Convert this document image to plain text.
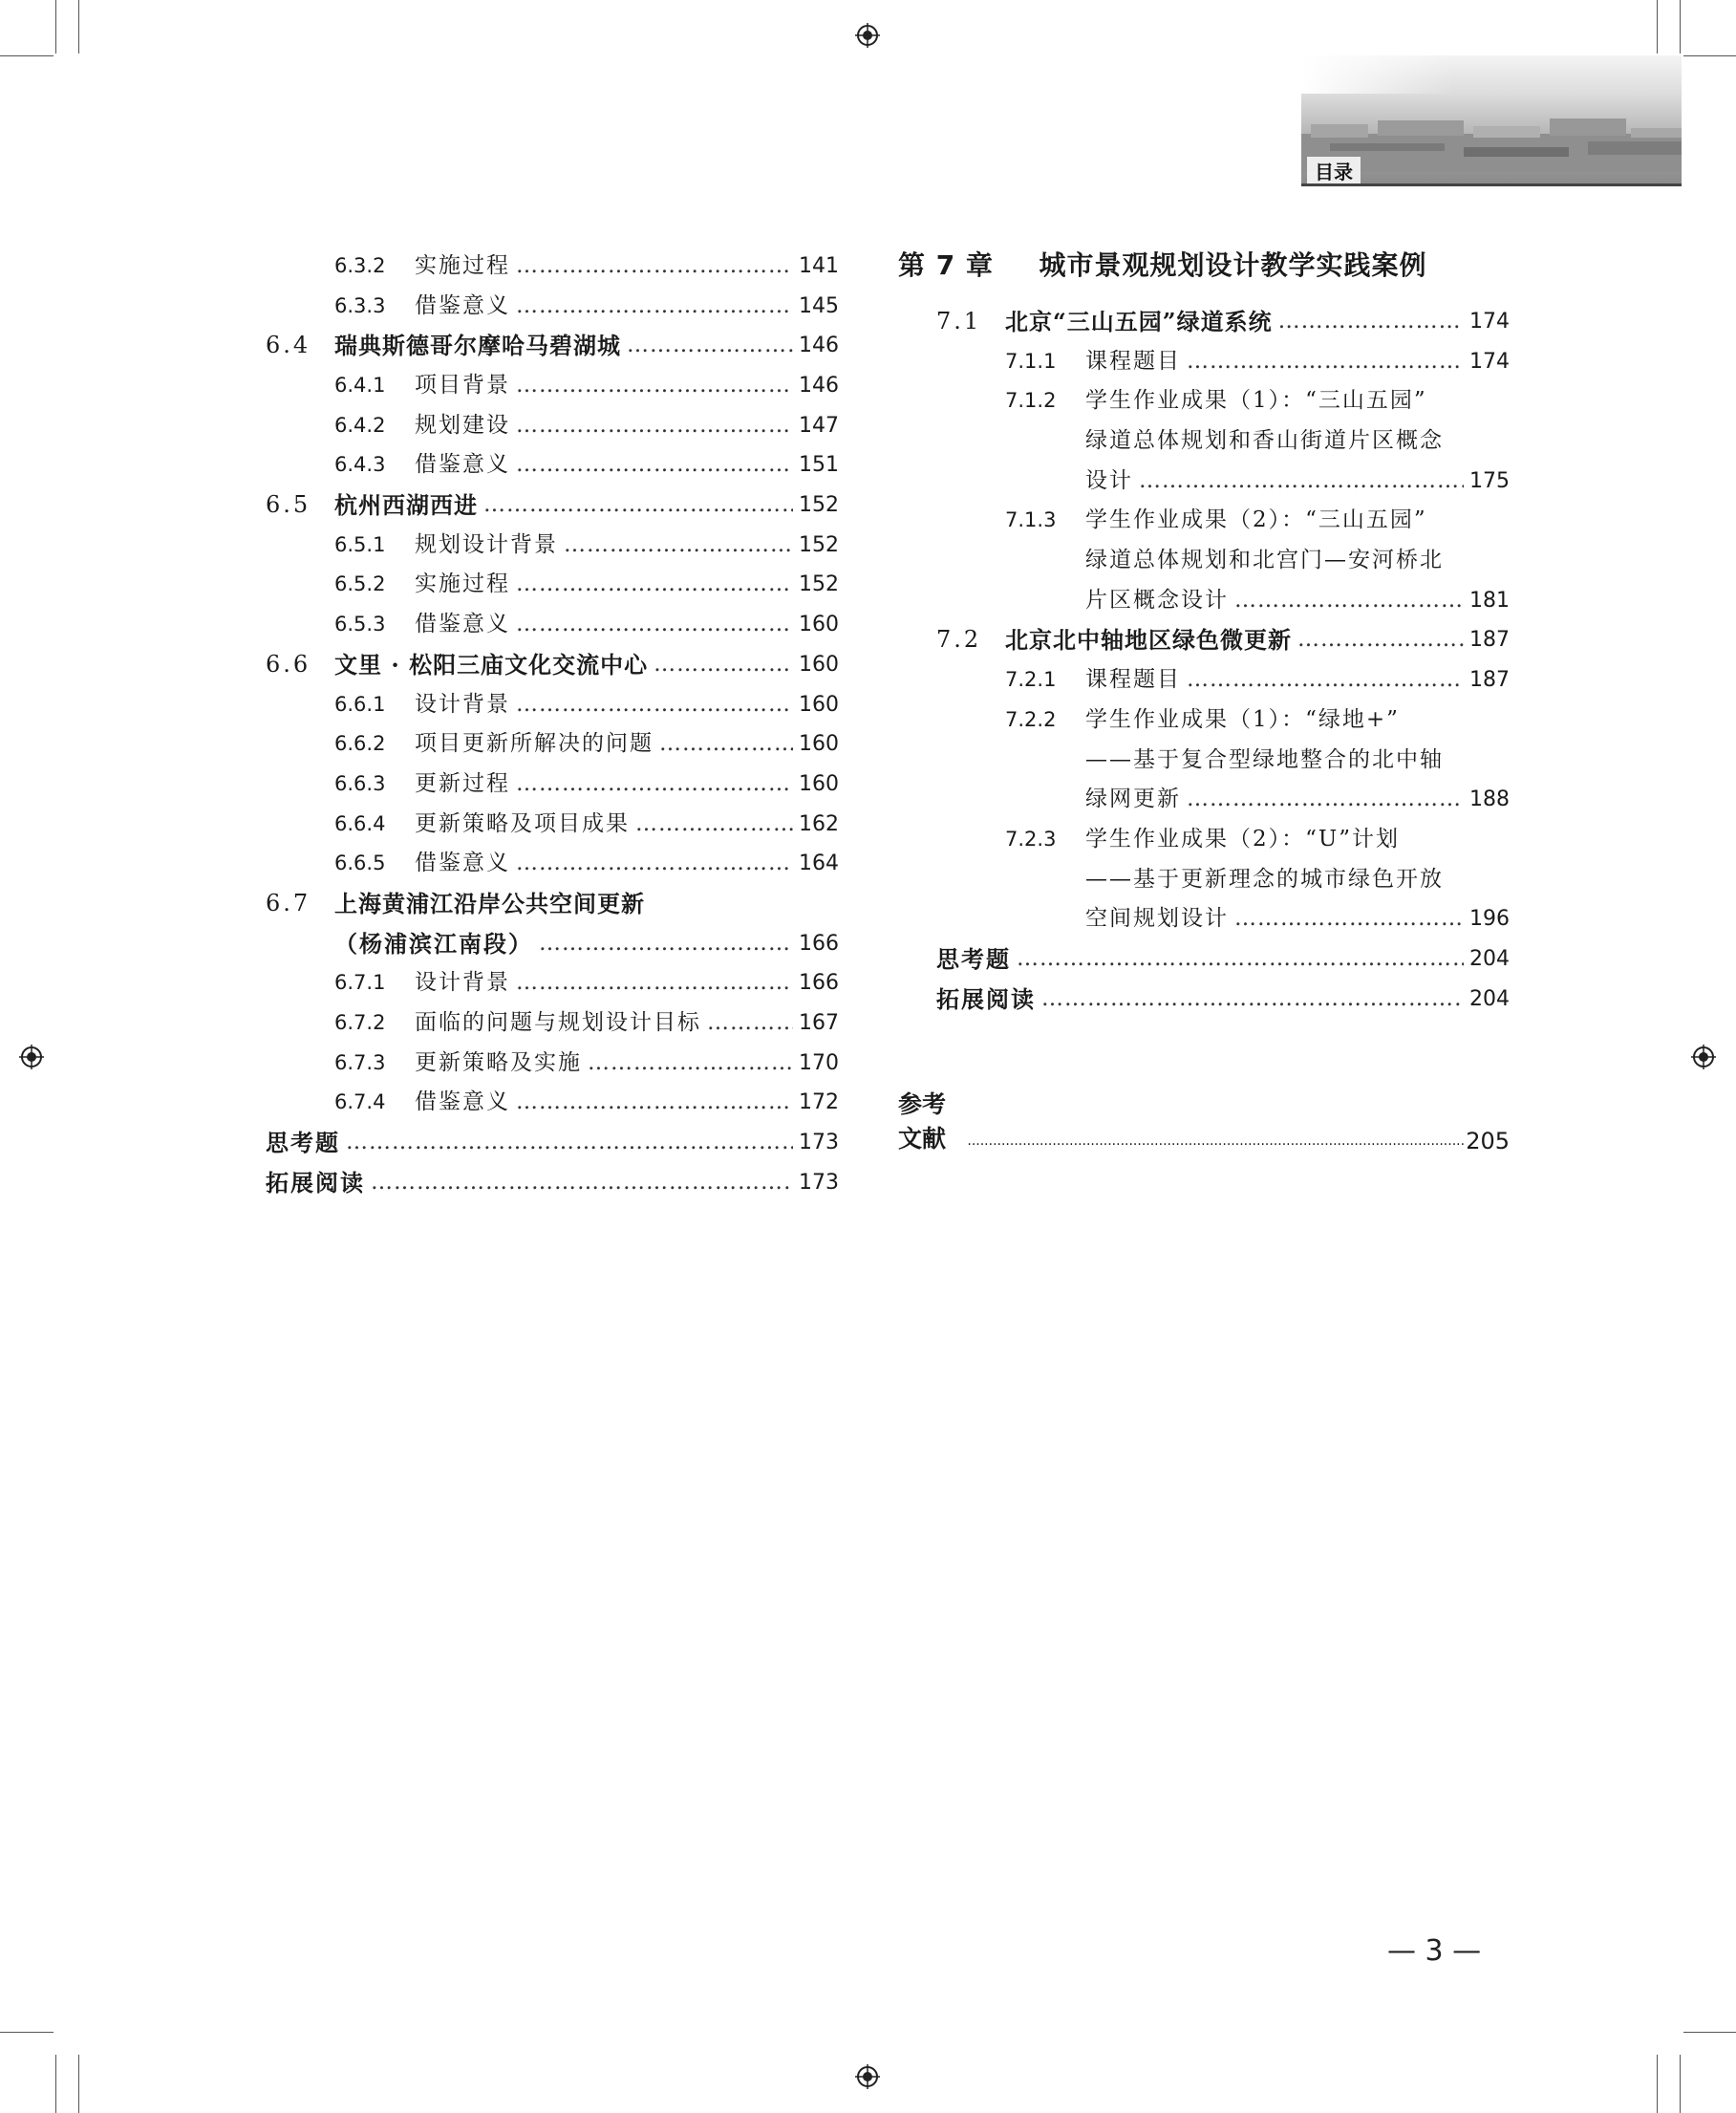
目录
6.3.2	实施过程 ……………………………………………………………………………………………………………………………………	141
6.3.3	借鉴意义 ……………………………………………………………………………………………………………………………………	145
6.4	瑞典斯德哥尔摩哈马碧湖城 ……………………………………………………………………………………………………………………………………	146
6.4.1	项目背景 ……………………………………………………………………………………………………………………………………	146
6.4.2	规划建设 ……………………………………………………………………………………………………………………………………	147
6.4.3	借鉴意义 ……………………………………………………………………………………………………………………………………	151
6.5	杭州西湖西进 ……………………………………………………………………………………………………………………………………	152
6.5.1	规划设计背景 ……………………………………………………………………………………………………………………………………	152
6.5.2	实施过程 ……………………………………………………………………………………………………………………………………	152
6.5.3	借鉴意义 ……………………………………………………………………………………………………………………………………	160
6.6	文里 · 松阳三庙文化交流中心 ……………………………………………………………………………………………………………………………………	160
6.6.1	设计背景 ……………………………………………………………………………………………………………………………………	160
6.6.2	项目更新所解决的问题 ……………………………………………………………………………………………………………………………………	160
6.6.3	更新过程 ……………………………………………………………………………………………………………………………………	160
6.6.4	更新策略及项目成果 ……………………………………………………………………………………………………………………………………	162
6.6.5	借鉴意义 ……………………………………………………………………………………………………………………………………	164
6.7	上海黄浦江沿岸公共空间更新
（杨浦滨江南段） ……………………………………………………………………………………………………………………………………	166
6.7.1	设计背景 ……………………………………………………………………………………………………………………………………	166
6.7.2	面临的问题与规划设计目标 ……………………………………………………………………………………………………………………………………	167
6.7.3	更新策略及实施 ……………………………………………………………………………………………………………………………………	170
6.7.4	借鉴意义 ……………………………………………………………………………………………………………………………………	172
思考题 ……………………………………………………………………………………………………………………………………	173
拓展阅读 ……………………………………………………………………………………………………………………………………	173
第 7 章 城市景观规划设计教学实践案例
7.1	北京“三山五园”绿道系统 ……………………………………………………………………………………………………………………………………	174
7.1.1	课程题目 ……………………………………………………………………………………………………………………………………	174
7.1.2	学生作业成果（1）：“三山五园”
绿道总体规划和香山街道片区概念
设计 ……………………………………………………………………………………………………………………………………	175
7.1.3	学生作业成果（2）：“三山五园”
绿道总体规划和北宫门—安河桥北
片区概念设计 ……………………………………………………………………………………………………………………………………	181
7.2	北京北中轴地区绿色微更新 ……………………………………………………………………………………………………………………………………	187
7.2.1	课程题目 ……………………………………………………………………………………………………………………………………	187
7.2.2	学生作业成果（1）：“绿地+”
——基于复合型绿地整合的北中轴
绿网更新 ……………………………………………………………………………………………………………………………………	188
7.2.3	学生作业成果（2）：“U”计划
——基于更新理念的城市绿色开放
空间规划设计 ……………………………………………………………………………………………………………………………………	196
思考题 ……………………………………………………………………………………………………………………………………	204
拓展阅读 ……………………………………………………………………………………………………………………………………	204
参考文献 .....	205
— 3 —
